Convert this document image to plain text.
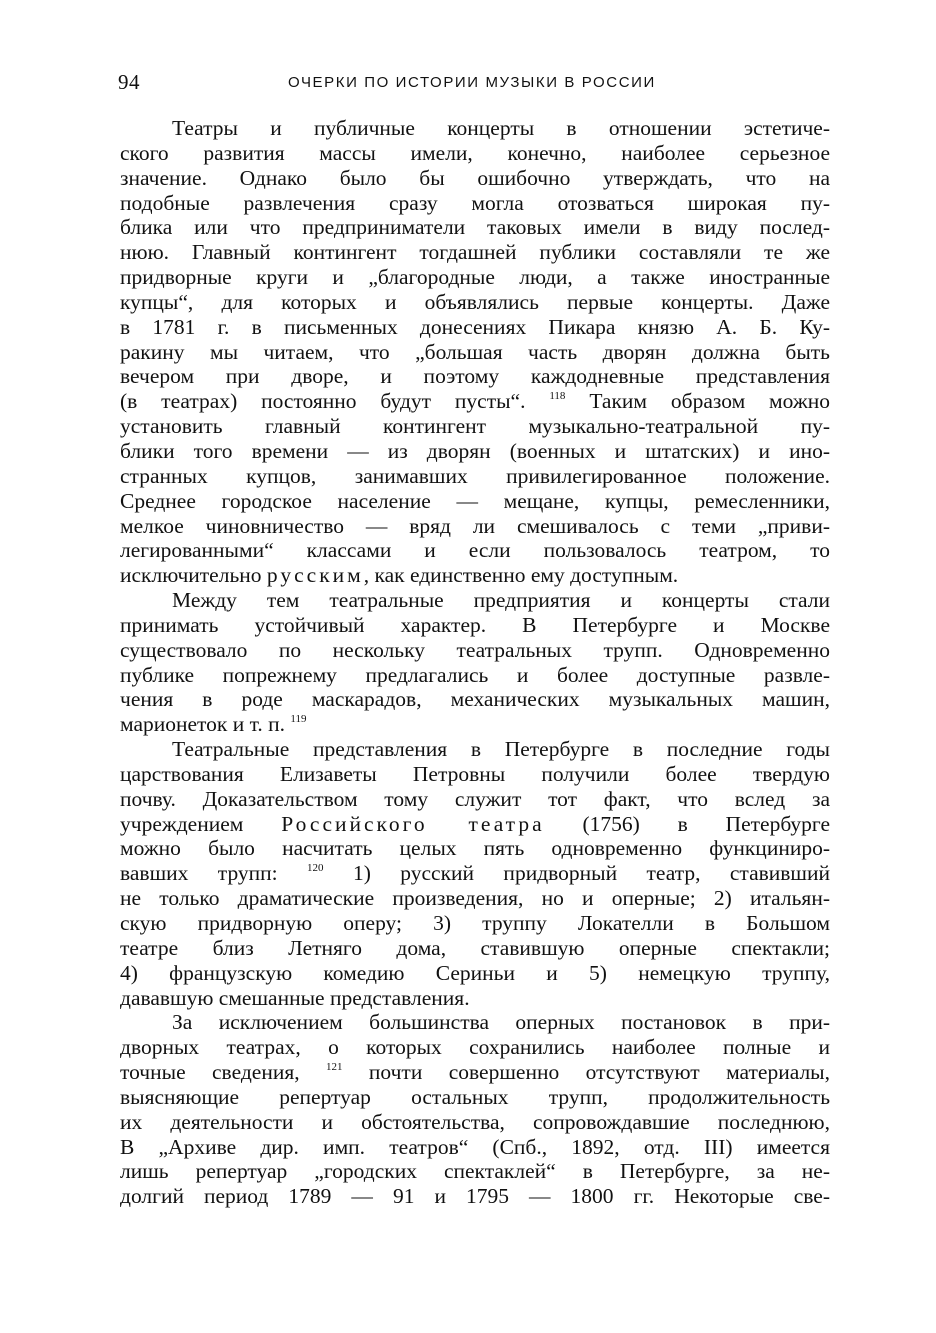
94	ОЧЕРКИ ПО ИСТОРИИ МУЗЫКИ В РОССИИ
Театры и публичные концерты в отношении эстетиче-
ского развития массы имели, конечно, наиболее серьезное
значение. Однако было бы ошибочно утверждать, что на
подобные развлечения сразу могла отозваться широкая пу-
блика или что предприниматели таковых имели в виду послед-
нюю. Главный контингент тогдашней публики составляли те же
придворные круги и „благородные люди, а также иностранные
купцы“, для которых и объявлялись первые концерты. Даже
в 1781 г. в письменных донесениях Пикара князю А. Б. Ку-
ракину мы читаем, что „большая часть дворян должна быть
вечером при дворе, и поэтому каждодневные представления
(в театрах) постоянно будут пусты“. $^{118}$ Таким образом можно
установить главный контингент музыкально-театральной пу-
блики того времени — из дворян (военных и штатских) и ино-
странных купцов, занимавших привилегированное положение.
Среднее городское население — мещане, купцы, ремесленники,
мелкое чиновничество — вряд ли смешивалось с теми „приви-
легированными“ классами и если пользовалось театром, то
исключительно русским, как единственно ему доступным.
Между тем театральные предприятия и концерты стали
принимать устойчивый характер. В Петербурге и Москве
существовало по нескольку театральных трупп. Одновременно
публике попрежнему предлагались и более доступные развле-
чения в роде маскарадов, механических музыкальных машин,
марионеток и т. п. $^{119}$
Театральные представления в Петербурге в последние годы
царствования Елизаветы Петровны получили более твердую
почву. Доказательством тому служит тот факт, что вслед за
учреждением Российского театра (1756) в Петербурге
можно было насчитать целых пять одновременно функциниро-
вавших трупп:	$^{120}$ 1) русский придворный театр, ставивший
не только драматические произведения, но и оперные; 2) итальян-
скую придворную оперу; 3) труппу Локателли в Большом
театре близ Летняго дома, ставившую оперные спектакли;
4) французскую комедию Сериньи и 5) немецкую труппу,
дававшую смешанные представления.
За исключением большинства оперных постановок в при-
дворных театрах, о которых сохранились наиболее полные и
точные сведения, $^{121}$ почти совершенно отсутствуют материалы,
выясняющие репертуар остальных трупп, продолжительность
их деятельности и обстоятельства, сопровождавшие последнюю,
В „Архиве дир. имп. театров“ (Спб., 1892, отд. III) имеется
лишь репертуар „городских спектаклей“ в Петербурге, за не-
долгий период 1789 — 91 и 1795 — 1800 гг. Некоторые све-
